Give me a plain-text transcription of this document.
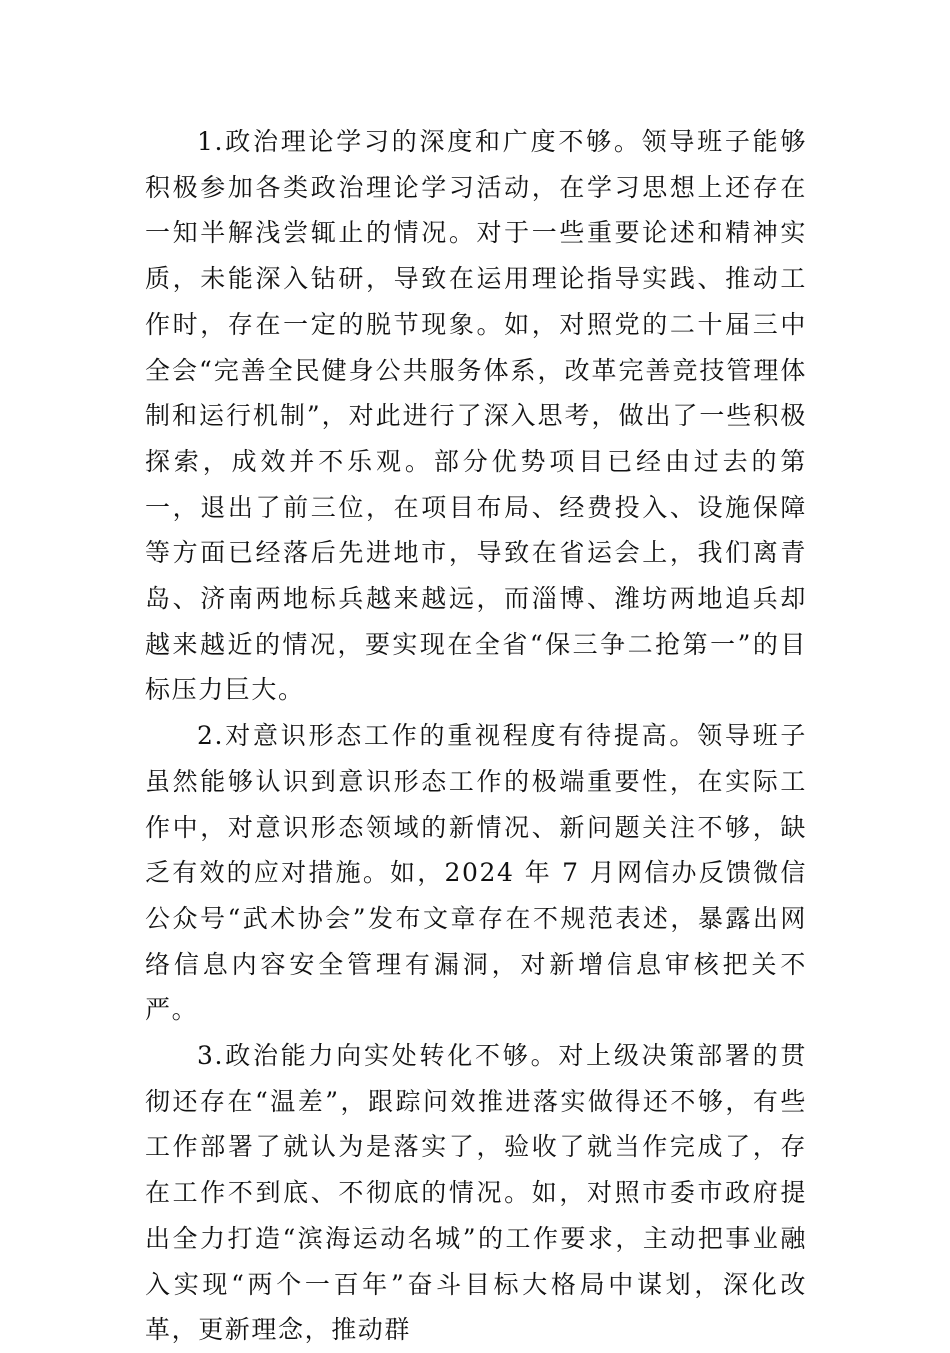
1.政治理论学习的深度和广度不够。领导班子能够积极参加各类政治理论学习活动，在学习思想上还存在一知半解浅尝辄止的情况。对于一些重要论述和精神实质，未能深入钻研，导致在运用理论指导实践、推动工作时，存在一定的脱节现象。如，对照党的二十届三中全会“完善全民健身公共服务体系，改革完善竞技管理体制和运行机制”，对此进行了深入思考，做出了一些积极探索，成效并不乐观。部分优势项目已经由过去的第一，退出了前三位，在项目布局、经费投入、设施保障等方面已经落后先进地市，导致在省运会上，我们离青岛、济南两地标兵越来越远，而淄博、潍坊两地追兵却越来越近的情况，要实现在全省“保三争二抢第一”的目标压力巨大。

2.对意识形态工作的重视程度有待提高。领导班子虽然能够认识到意识形态工作的极端重要性，在实际工作中，对意识形态领域的新情况、新问题关注不够，缺乏有效的应对措施。如，2024 年 7 月网信办反馈微信公众号“武术协会”发布文章存在不规范表述，暴露出网络信息内容安全管理有漏洞，对新增信息审核把关不严。

3.政治能力向实处转化不够。对上级决策部署的贯彻还存在“温差”，跟踪问效推进落实做得还不够，有些工作部署了就认为是落实了，验收了就当作完成了，存在工作不到底、不彻底的情况。如，对照市委市政府提出全力打造“滨海运动名城”的工作要求，主动把事业融入实现“两个一百年”奋斗目标大格局中谋划，深化改革，更新理念，推动群
